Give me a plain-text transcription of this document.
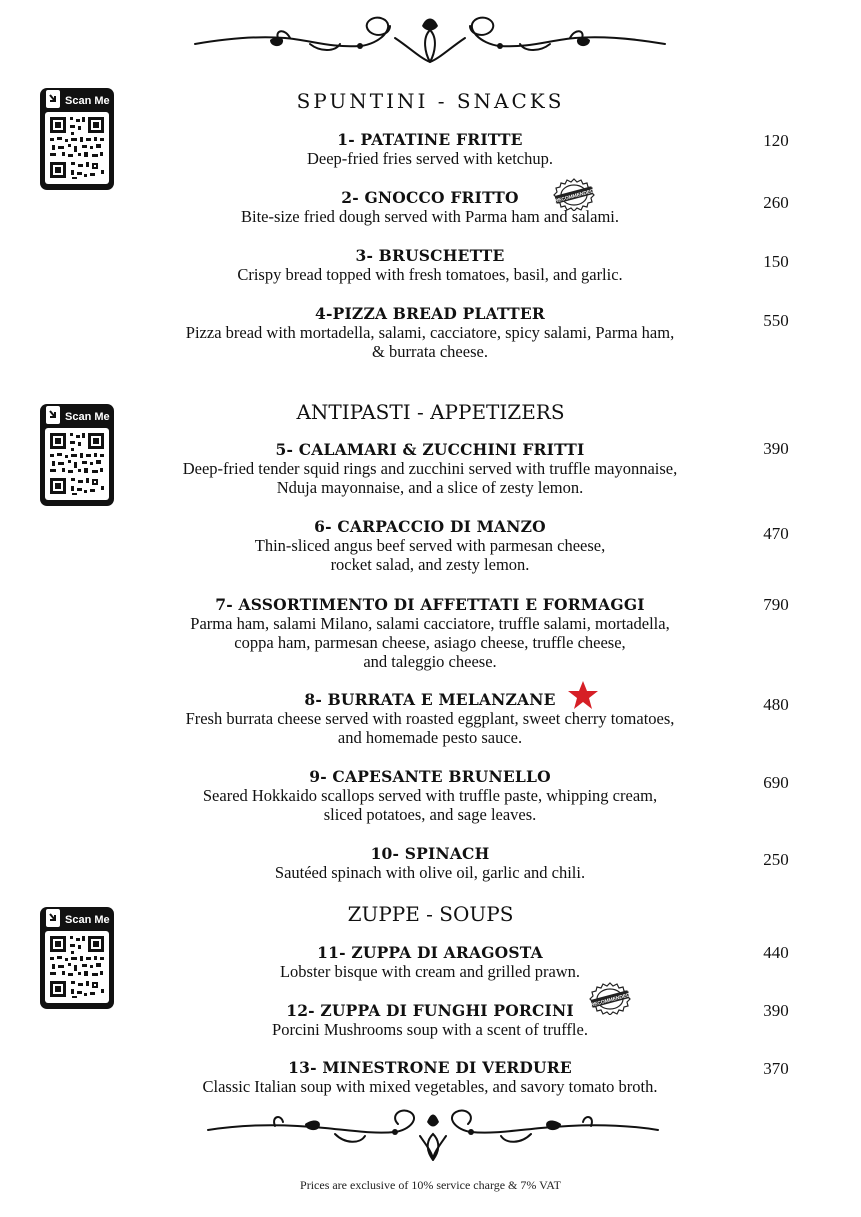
Scan Me
Scan Me
Scan Me
SPUNTINI - SNACKS
1- PATATINE FRITTE
Deep-fried fries served with ketchup.
120
2- GNOCCO FRITTO
Bite-size fried dough served with Parma ham and salami.
260
3- BRUSCHETTE
Crispy bread topped with fresh tomatoes, basil, and garlic.
150
4-PIZZA BREAD PLATTER
Pizza bread with mortadella, salami, cacciatore, spicy salami, Parma ham,
& burrata cheese.
550
ANTIPASTI - APPETIZERS
5- CALAMARI & ZUCCHINI FRITTI
Deep-fried tender squid rings and zucchini served with truffle mayonnaise,
Nduja mayonnaise, and a slice of zesty lemon.
390
6- CARPACCIO DI MANZO
Thin-sliced angus beef served with parmesan cheese,
rocket salad, and zesty lemon.
470
7- ASSORTIMENTO DI AFFETTATI E FORMAGGI
Parma ham, salami Milano, salami cacciatore, truffle salami, mortadella,
coppa ham, parmesan cheese, asiago cheese, truffle cheese,
and taleggio cheese.
790
8- BURRATA E MELANZANE
Fresh burrata cheese served with roasted eggplant, sweet cherry tomatoes,
and homemade pesto sauce.
480
9- CAPESANTE BRUNELLO
Seared Hokkaido scallops served with truffle paste, whipping cream,
sliced potatoes, and sage leaves.
690
10- SPINACH
Sautéed spinach with olive oil, garlic and chili.
250
ZUPPE - SOUPS
11- ZUPPA DI ARAGOSTA
Lobster bisque with cream and grilled prawn.
440
12- ZUPPA DI FUNGHI PORCINI
Porcini Mushrooms soup with a scent of truffle.
390
13- MINESTRONE DI VERDURE
Classic Italian soup with mixed vegetables, and savory tomato broth.
370
RECOMMENDED
RECOMMENDED
Prices are exclusive of 10% service charge & 7% VAT
